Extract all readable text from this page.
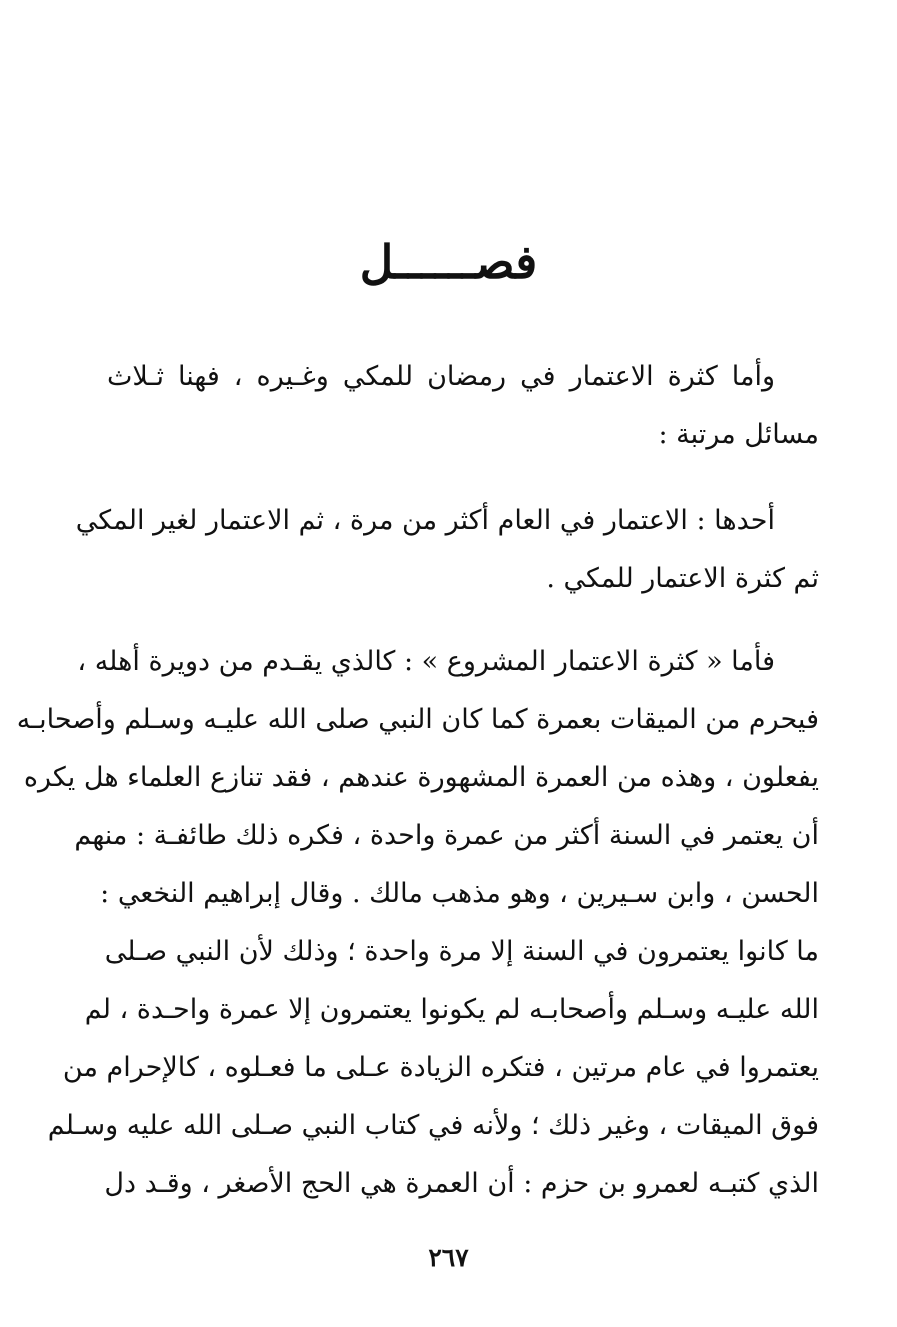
فصــــــل
وأما كثرة الاعتمار في رمضان للمكي وغـيره ، فهنا ثـلاث
مسائل مرتبة :
أحدها : الاعتمار في العام أكثر من مرة ، ثم الاعتمار لغير المكي
ثم كثرة الاعتمار للمكي .
فأما « كثرة الاعتمار المشروع » : كالذي يقـدم من دويرة أهله ،
فيحرم من الميقات بعمرة كما كان النبي صلى الله عليـه وسـلم وأصحابـه
يفعلون ، وهذه من العمرة المشهورة عندهم ، فقد تنازع العلماء هل يكره
أن يعتمر في السنة أكثر من عمرة واحدة ، فكره ذلك طائفـة : منهم
الحسن ، وابن سـيرين ، وهو مذهب مالك . وقال إبراهيم النخعي :
ما كانوا يعتمرون في السنة إلا مرة واحدة ؛ وذلك لأن النبي صـلى
الله عليـه وسـلم وأصحابـه لم يكونوا يعتمرون إلا عمرة واحـدة ، لم
يعتمروا في عام مرتين ، فتكره الزيادة عـلى ما فعـلوه ، كالإحرام من
فوق الميقات ، وغير ذلك ؛ ولأنه في كتاب النبي صـلى الله عليه وسـلم
الذي كتبـه لعمرو بن حزم : أن العمرة هي الحج الأصغر ، وقـد دل
٢٦٧
